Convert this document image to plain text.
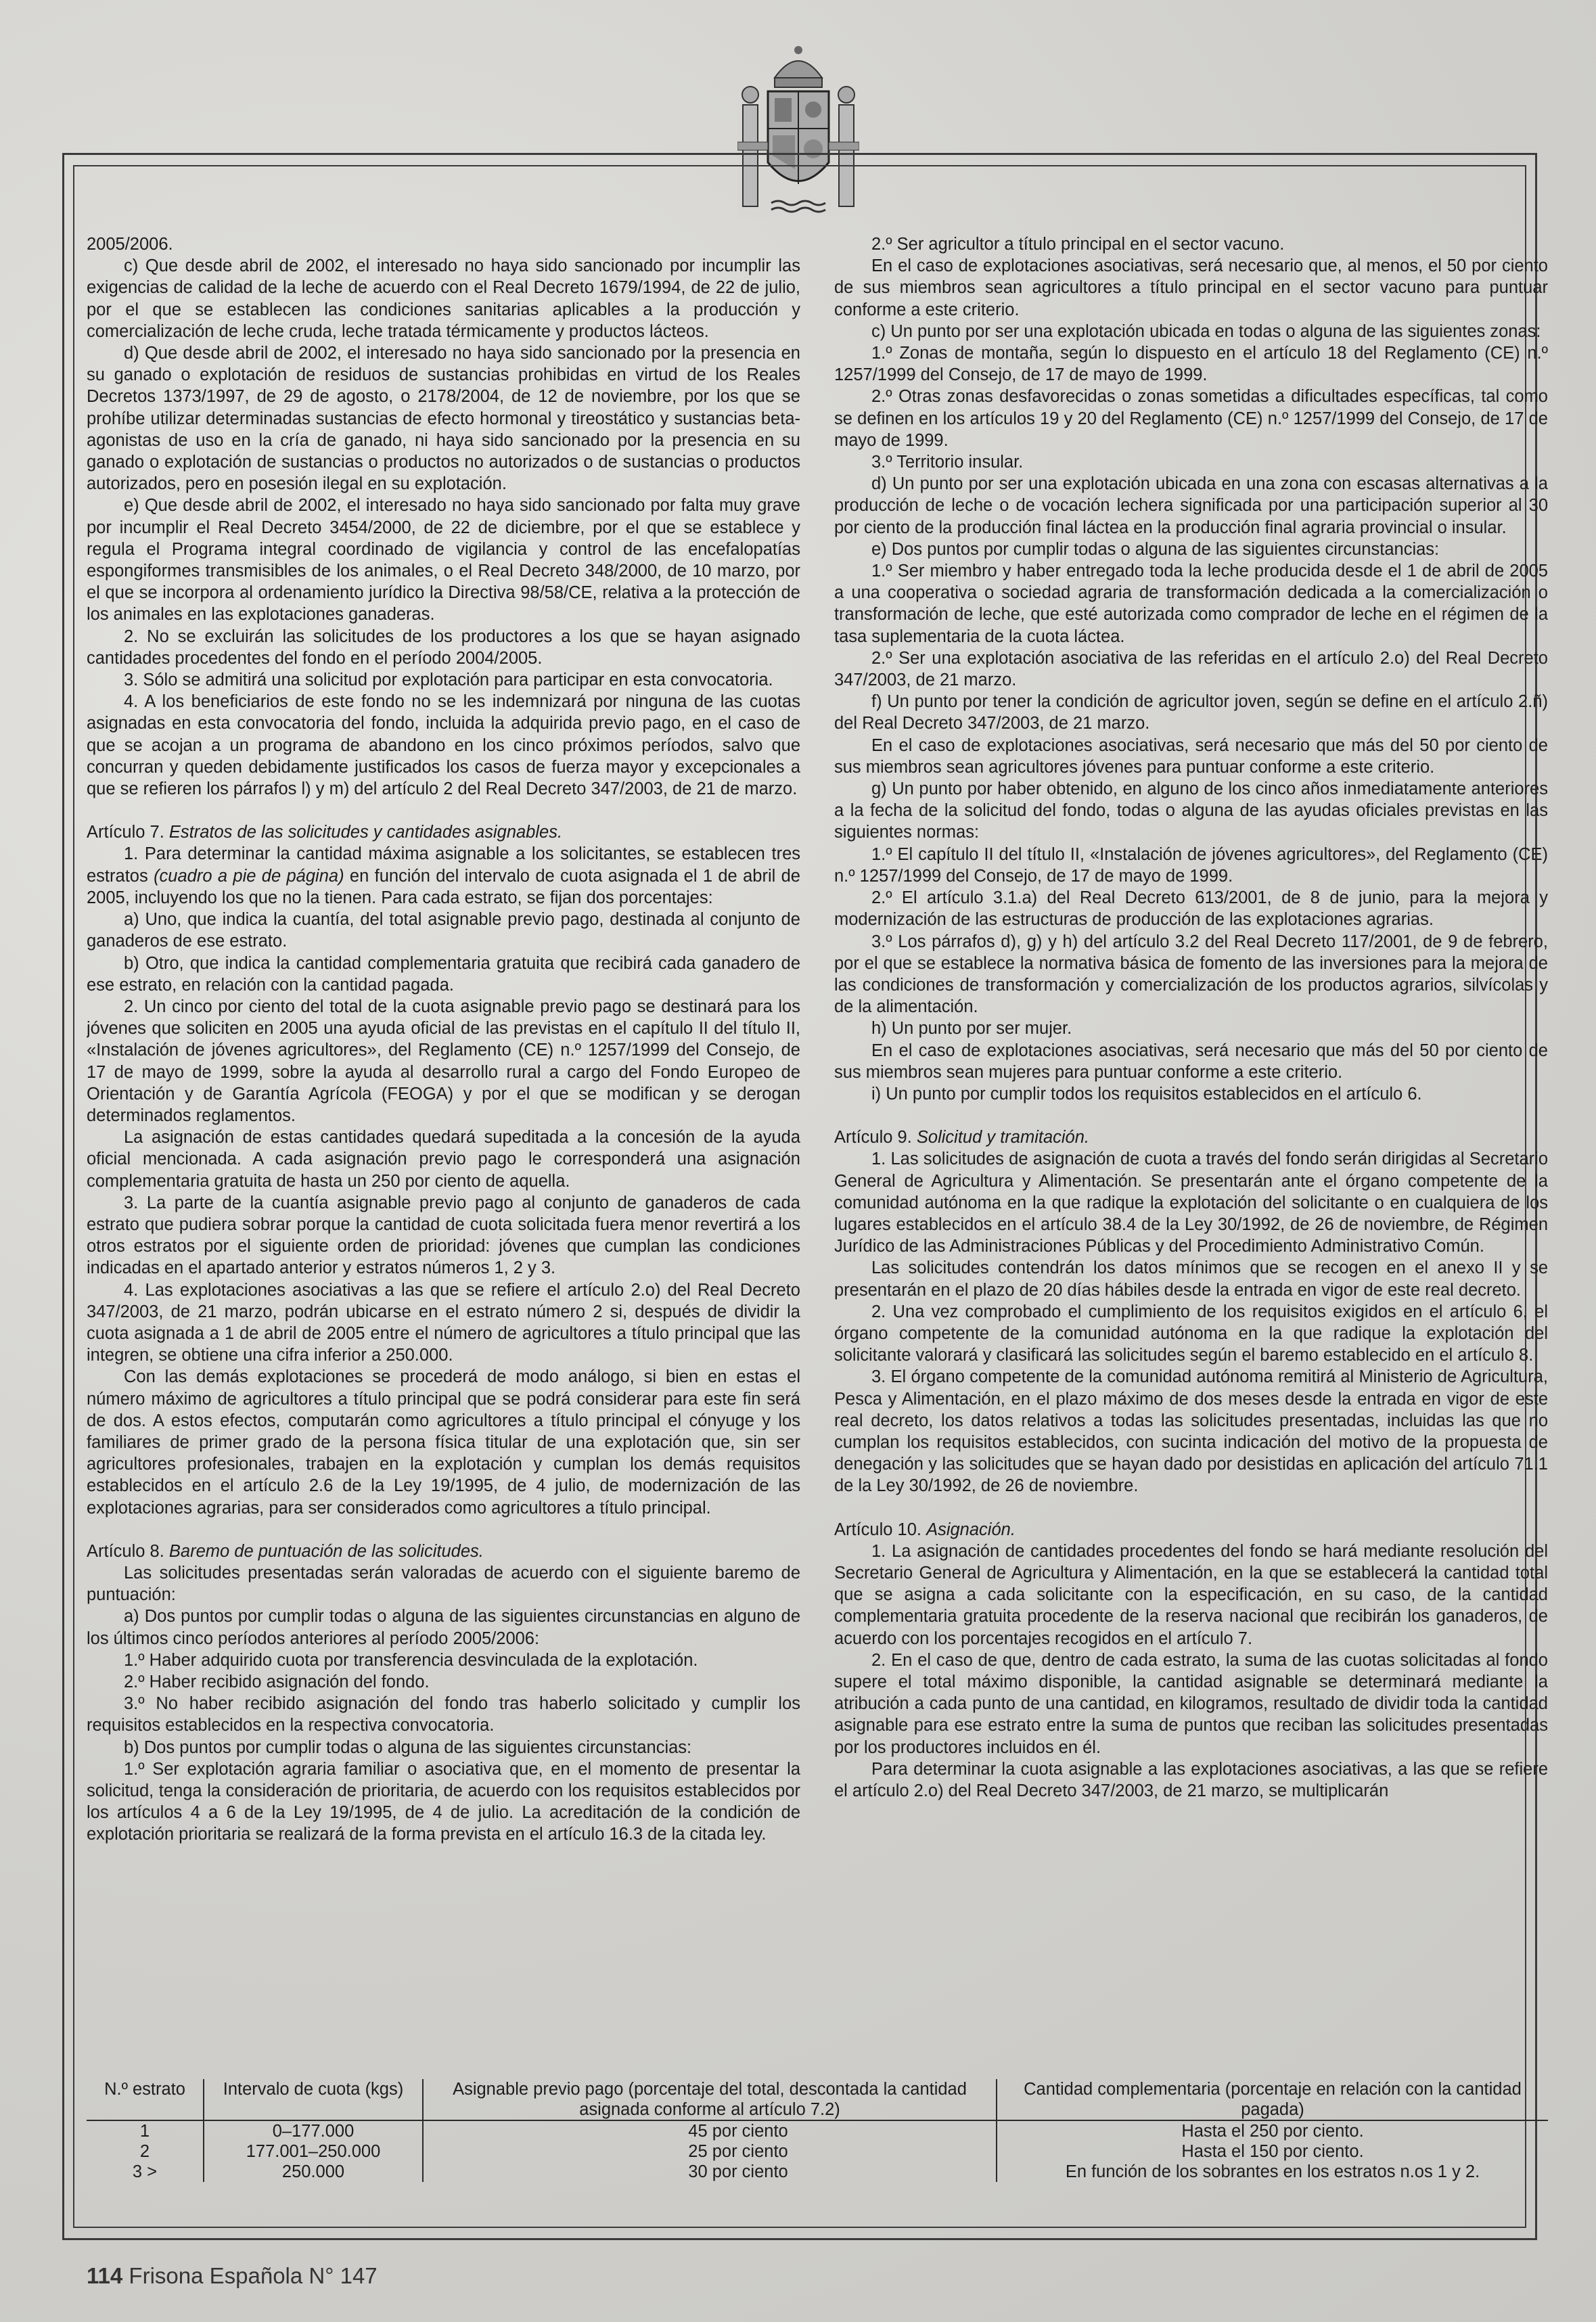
2005/2006.

c) Que desde abril de 2002, el interesado no haya sido sancionado por incumplir las exigencias de calidad de la leche de acuerdo con el Real Decreto 1679/1994, de 22 de julio, por el que se establecen las condiciones sanitarias aplicables a la producción y comercialización de leche cruda, leche tratada térmicamente y productos lácteos.

d) Que desde abril de 2002, el interesado no haya sido sancionado por la presencia en su ganado o explotación de residuos de sustancias prohibidas en virtud de los Reales Decretos 1373/1997, de 29 de agosto, o 2178/2004, de 12 de noviembre, por los que se prohíbe utilizar determinadas sustancias de efecto hormonal y tireostático y sustancias beta-agonistas de uso en la cría de ganado, ni haya sido sancionado por la presencia en su ganado o explotación de sustancias o productos no autorizados o de sustancias o productos autorizados, pero en posesión ilegal en su explotación.

e) Que desde abril de 2002, el interesado no haya sido sancionado por falta muy grave por incumplir el Real Decreto 3454/2000, de 22 de diciembre, por el que se establece y regula el Programa integral coordinado de vigilancia y control de las encefalopatías espongiformes transmisibles de los animales, o el Real Decreto 348/2000, de 10 marzo, por el que se incorpora al ordenamiento jurídico la Directiva 98/58/CE, relativa a la protección de los animales en las explotaciones ganaderas.

2. No se excluirán las solicitudes de los productores a los que se hayan asignado cantidades procedentes del fondo en el período 2004/2005.

3. Sólo se admitirá una solicitud por explotación para participar en esta convocatoria.

4. A los beneficiarios de este fondo no se les indemnizará por ninguna de las cuotas asignadas en esta convocatoria del fondo, incluida la adquirida previo pago, en el caso de que se acojan a un programa de abandono en los cinco próximos períodos, salvo que concurran y queden debidamente justificados los casos de fuerza mayor y excepcionales a que se refieren los párrafos l) y m) del artículo 2 del Real Decreto 347/2003, de 21 de marzo.

Artículo 7. Estratos de las solicitudes y cantidades asignables.

1. Para determinar la cantidad máxima asignable a los solicitantes, se establecen tres estratos (cuadro a pie de página) en función del intervalo de cuota asignada el 1 de abril de 2005, incluyendo los que no la tienen. Para cada estrato, se fijan dos porcentajes:

a) Uno, que indica la cuantía, del total asignable previo pago, destinada al conjunto de ganaderos de ese estrato.

b) Otro, que indica la cantidad complementaria gratuita que recibirá cada ganadero de ese estrato, en relación con la cantidad pagada.

2. Un cinco por ciento del total de la cuota asignable previo pago se destinará para los jóvenes que soliciten en 2005 una ayuda oficial de las previstas en el capítulo II del título II, «Instalación de jóvenes agricultores», del Reglamento (CE) n.º 1257/1999 del Consejo, de 17 de mayo de 1999, sobre la ayuda al desarrollo rural a cargo del Fondo Europeo de Orientación y de Garantía Agrícola (FEOGA) y por el que se modifican y se derogan determinados reglamentos.

La asignación de estas cantidades quedará supeditada a la concesión de la ayuda oficial mencionada. A cada asignación previo pago le corresponderá una asignación complementaria gratuita de hasta un 250 por ciento de aquella.

3. La parte de la cuantía asignable previo pago al conjunto de ganaderos de cada estrato que pudiera sobrar porque la cantidad de cuota solicitada fuera menor revertirá a los otros estratos por el siguiente orden de prioridad: jóvenes que cumplan las condiciones indicadas en el apartado anterior y estratos números 1, 2 y 3.

4. Las explotaciones asociativas a las que se refiere el artículo 2.o) del Real Decreto 347/2003, de 21 marzo, podrán ubicarse en el estrato número 2 si, después de dividir la cuota asignada a 1 de abril de 2005 entre el número de agricultores a título principal que las integren, se obtiene una cifra inferior a 250.000.

Con las demás explotaciones se procederá de modo análogo, si bien en estas el número máximo de agricultores a título principal que se podrá considerar para este fin será de dos. A estos efectos, computarán como agricultores a título principal el cónyuge y los familiares de primer grado de la persona física titular de una explotación que, sin ser agricultores profesionales, trabajen en la explotación y cumplan los demás requisitos establecidos en el artículo 2.6 de la Ley 19/1995, de 4 julio, de modernización de las explotaciones agrarias, para ser considerados como agricultores a título principal.

Artículo 8. Baremo de puntuación de las solicitudes.

Las solicitudes presentadas serán valoradas de acuerdo con el siguiente baremo de puntuación:

a) Dos puntos por cumplir todas o alguna de las siguientes circunstancias en alguno de los últimos cinco períodos anteriores al período 2005/2006:

1.º Haber adquirido cuota por transferencia desvinculada de la explotación.

2.º Haber recibido asignación del fondo.

3.º No haber recibido asignación del fondo tras haberlo solicitado y cumplir los requisitos establecidos en la respectiva convocatoria.

b) Dos puntos por cumplir todas o alguna de las siguientes circunstancias:

1.º Ser explotación agraria familiar o asociativa que, en el momento de presentar la solicitud, tenga la consideración de prioritaria, de acuerdo con los requisitos establecidos por los artículos 4 a 6 de la Ley 19/1995, de 4 de julio. La acreditación de la condición de explotación prioritaria se realizará de la forma prevista en el artículo 16.3 de la citada ley.

2.º Ser agricultor a título principal en el sector vacuno.

En el caso de explotaciones asociativas, será necesario que, al menos, el 50 por ciento de sus miembros sean agricultores a título principal en el sector vacuno para puntuar conforme a este criterio.

c) Un punto por ser una explotación ubicada en todas o alguna de las siguientes zonas:

1.º Zonas de montaña, según lo dispuesto en el artículo 18 del Reglamento (CE) n.º 1257/1999 del Consejo, de 17 de mayo de 1999.

2.º Otras zonas desfavorecidas o zonas sometidas a dificultades específicas, tal como se definen en los artículos 19 y 20 del Reglamento (CE) n.º 1257/1999 del Consejo, de 17 de mayo de 1999.

3.º Territorio insular.

d) Un punto por ser una explotación ubicada en una zona con escasas alternativas a la producción de leche o de vocación lechera significada por una participación superior al 30 por ciento de la producción final láctea en la producción final agraria provincial o insular.

e) Dos puntos por cumplir todas o alguna de las siguientes circunstancias:

1.º Ser miembro y haber entregado toda la leche producida desde el 1 de abril de 2005 a una cooperativa o sociedad agraria de transformación dedicada a la comercialización o transformación de leche, que esté autorizada como comprador de leche en el régimen de la tasa suplementaria de la cuota láctea.

2.º Ser una explotación asociativa de las referidas en el artículo 2.o) del Real Decreto 347/2003, de 21 marzo.

f) Un punto por tener la condición de agricultor joven, según se define en el artículo 2.ñ) del Real Decreto 347/2003, de 21 marzo.

En el caso de explotaciones asociativas, será necesario que más del 50 por ciento de sus miembros sean agricultores jóvenes para puntuar conforme a este criterio.

g) Un punto por haber obtenido, en alguno de los cinco años inmediatamente anteriores a la fecha de la solicitud del fondo, todas o alguna de las ayudas oficiales previstas en las siguientes normas:

1.º El capítulo II del título II, «Instalación de jóvenes agricultores», del Reglamento (CE) n.º 1257/1999 del Consejo, de 17 de mayo de 1999.

2.º El artículo 3.1.a) del Real Decreto 613/2001, de 8 de junio, para la mejora y modernización de las estructuras de producción de las explotaciones agrarias.

3.º Los párrafos d), g) y h) del artículo 3.2 del Real Decreto 117/2001, de 9 de febrero, por el que se establece la normativa básica de fomento de las inversiones para la mejora de las condiciones de transformación y comercialización de los productos agrarios, silvícolas y de la alimentación.

h) Un punto por ser mujer.

En el caso de explotaciones asociativas, será necesario que más del 50 por ciento de sus miembros sean mujeres para puntuar conforme a este criterio.

i) Un punto por cumplir todos los requisitos establecidos en el artículo 6.

Artículo 9. Solicitud y tramitación.

1. Las solicitudes de asignación de cuota a través del fondo serán dirigidas al Secretario General de Agricultura y Alimentación. Se presentarán ante el órgano competente de la comunidad autónoma en la que radique la explotación del solicitante o en cualquiera de los lugares establecidos en el artículo 38.4 de la Ley 30/1992, de 26 de noviembre, de Régimen Jurídico de las Administraciones Públicas y del Procedimiento Administrativo Común.

Las solicitudes contendrán los datos mínimos que se recogen en el anexo II y se presentarán en el plazo de 20 días hábiles desde la entrada en vigor de este real decreto.

2. Una vez comprobado el cumplimiento de los requisitos exigidos en el artículo 6, el órgano competente de la comunidad autónoma en la que radique la explotación del solicitante valorará y clasificará las solicitudes según el baremo establecido en el artículo 8.

3. El órgano competente de la comunidad autónoma remitirá al Ministerio de Agricultura, Pesca y Alimentación, en el plazo máximo de dos meses desde la entrada en vigor de este real decreto, los datos relativos a todas las solicitudes presentadas, incluidas las que no cumplan los requisitos establecidos, con sucinta indicación del motivo de la propuesta de denegación y las solicitudes que se hayan dado por desistidas en aplicación del artículo 71.1 de la Ley 30/1992, de 26 de noviembre.

Artículo 10. Asignación.

1. La asignación de cantidades procedentes del fondo se hará mediante resolución del Secretario General de Agricultura y Alimentación, en la que se establecerá la cantidad total que se asigna a cada solicitante con la especificación, en su caso, de la cantidad complementaria gratuita procedente de la reserva nacional que recibirán los ganaderos, de acuerdo con los porcentajes recogidos en el artículo 7.

2. En el caso de que, dentro de cada estrato, la suma de las cuotas solicitadas al fondo supere el total máximo disponible, la cantidad asignable se determinará mediante la atribución a cada punto de una cantidad, en kilogramos, resultado de dividir toda la cantidad asignable para ese estrato entre la suma de puntos que reciban las solicitudes presentadas por los productores incluidos en él.

Para determinar la cuota asignable a las explotaciones asociativas, a las que se refiere el artículo 2.o) del Real Decreto 347/2003, de 21 marzo, se multiplicarán

N.º estrato	Intervalo de cuota (kgs)	Asignable previo pago (porcentaje del total, descontada la cantidad asignada conforme al artículo 7.2)	Cantidad complementaria (porcentaje en relación con la cantidad pagada)
1	0–177.000	45 por ciento	Hasta el 250 por ciento.
2	177.001–250.000	25 por ciento	Hasta el 150 por ciento.
3 >	250.000	30 por ciento	En función de los sobrantes en los estratos n.os 1 y 2.
114 Frisona Española N° 147
